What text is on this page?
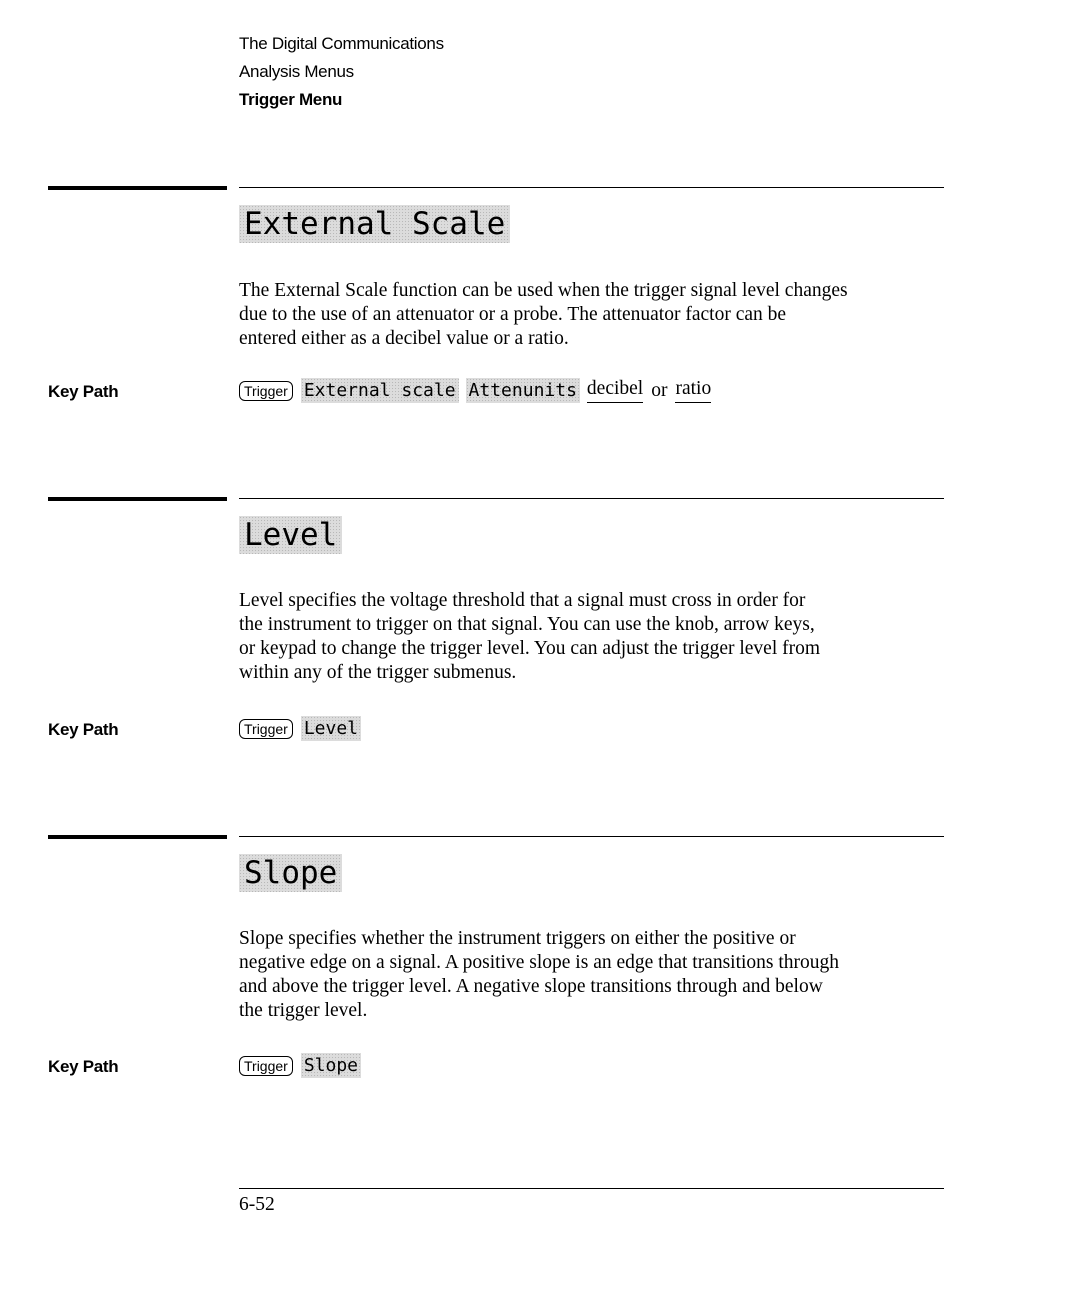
The Digital Communications
Analysis Menus
Trigger Menu
External Scale

The External Scale function can be used when the trigger signal level changes

due to the use of an attenuator or a probe. The attenuator factor can be

entered either as a decibel value or a ratio.

Key Path	Trigger External scale Attenunits decibel or ratio
Level

Level specifies the voltage threshold that a signal must cross in order for

the instrument to trigger on that signal. You can use the knob, arrow keys,

or keypad to change the trigger level. You can adjust the trigger level from

within any of the trigger submenus.

Key Path	Trigger Level
Slope

Slope specifies whether the instrument triggers on either the positive or

negative edge on a signal. A positive slope is an edge that transitions through

and above the trigger level. A negative slope transitions through and below

the trigger level.

Key Path	Trigger Slope
6-52
